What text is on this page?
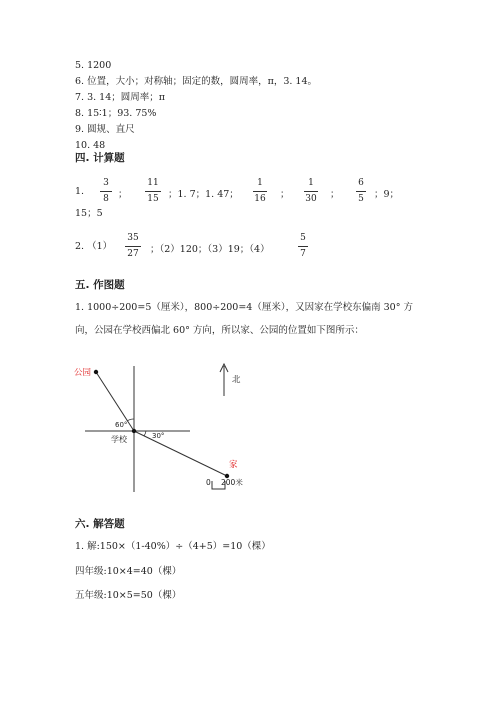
5. 1200
6. 位置，大小；对称轴；固定的数，圆周率，π，3. 14。
7. 3. 14；圆周率；π
8. 15∶1；93. 75%
9. 圆规、直尺
10. 48
四. 计算题
1.
3
8 ；
11
15 ；1. 7；1. 47；
1
16 ；
1
30 ；
6
5 ；9；
15；5
2. （1）
35
27 ；（2）120；（3）19；（4）
5
7
五. 作图题
1. 1000÷200=5（厘米），800÷200=4（厘米），又因家在学校东偏南 30° 方
向，公园在学校西偏北 60° 方向，所以家、公园的位置如下图所示：
公园
60°
30°
学校
家
北
0 200米
六. 解答题
1. 解:150×（1-40%）÷（4+5）=10（棵）
四年级:10×4=40（棵）
五年级:10×5=50（棵）
